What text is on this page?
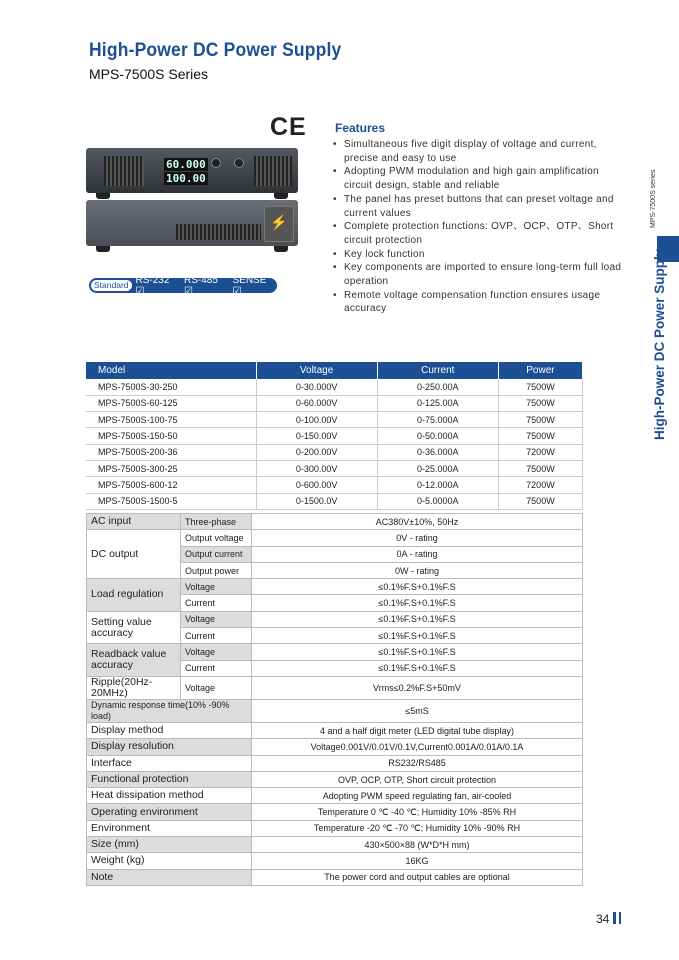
High-Power DC Power Supply
MPS-7500S Series
C E
60.000
100.00
⚡
Standard RS-232 ☑
RS-485 ☑
SENSE ☑
Features
• Simultaneous five digit display of voltage and current, precise and easy to use
• Adopting PWM modulation and high gain amplification circuit design, stable and reliable
• The panel has preset buttons that can preset voltage and current values
• Complete protection functions: OVP、OCP、OTP、Short circuit protection
• Key lock function
• Key components are imported to ensure long-term full load operation
• Remote voltage compensation function ensures usage accuracy
MPS-7500S series
High-Power DC Power Supply
Model	Voltage	Current	Power
MPS-7500S-30-250	0-30.000V	0-250.00A	7500W
MPS-7500S-60-125	0-60.000V	0-125.00A	7500W
MPS-7500S-100-75	0-100.00V	0-75.000A	7500W
MPS-7500S-150-50	0-150.00V	0-50.000A	7500W
MPS-7500S-200-36	0-200.00V	0-36.000A	7200W
MPS-7500S-300-25	0-300.00V	0-25.000A	7500W
MPS-7500S-600-12	0-600.00V	0-12.000A	7200W
MPS-7500S-1500-5	0-1500.0V	0-5.0000A	7500W
AC input	Three-phase	AC380V±10%, 50Hz
DC output	Output voltage	0V - rating
	Output current	0A - rating
	Output power	0W - rating
Load regulation	Voltage	≤0.1%F.S+0.1%F.S
	Current	≤0.1%F.S+0.1%F.S
Setting value accuracy	Voltage	≤0.1%F.S+0.1%F.S
	Current	≤0.1%F.S+0.1%F.S
Readback value accuracy	Voltage	≤0.1%F.S+0.1%F.S
	Current	≤0.1%F.S+0.1%F.S
Ripple(20Hz-20MHz)	Voltage	Vrms≤0.2%F.S+50mV
Dynamic response time(10% -90% load)		≤5mS
Display method		4 and a half digit meter (LED digital tube display)
Display resolution		Voltage0.001V/0.01V/0.1V,Current0.001A/0.01A/0.1A
Interface		RS232/RS485
Functional protection		OVP, OCP, OTP, Short circuit protection
Heat dissipation method		Adopting PWM speed regulating fan, air-cooled
Operating environment		Temperature 0 ℃ -40 ℃; Humidity 10% -85% RH
Environment		Temperature -20 ℃ -70 ℃; Humidity 10% -90% RH
Size (mm)		430×500×88 (W*D*H mm)
Weight (kg)		16KG
Note		The power cord and output cables are optional
34
